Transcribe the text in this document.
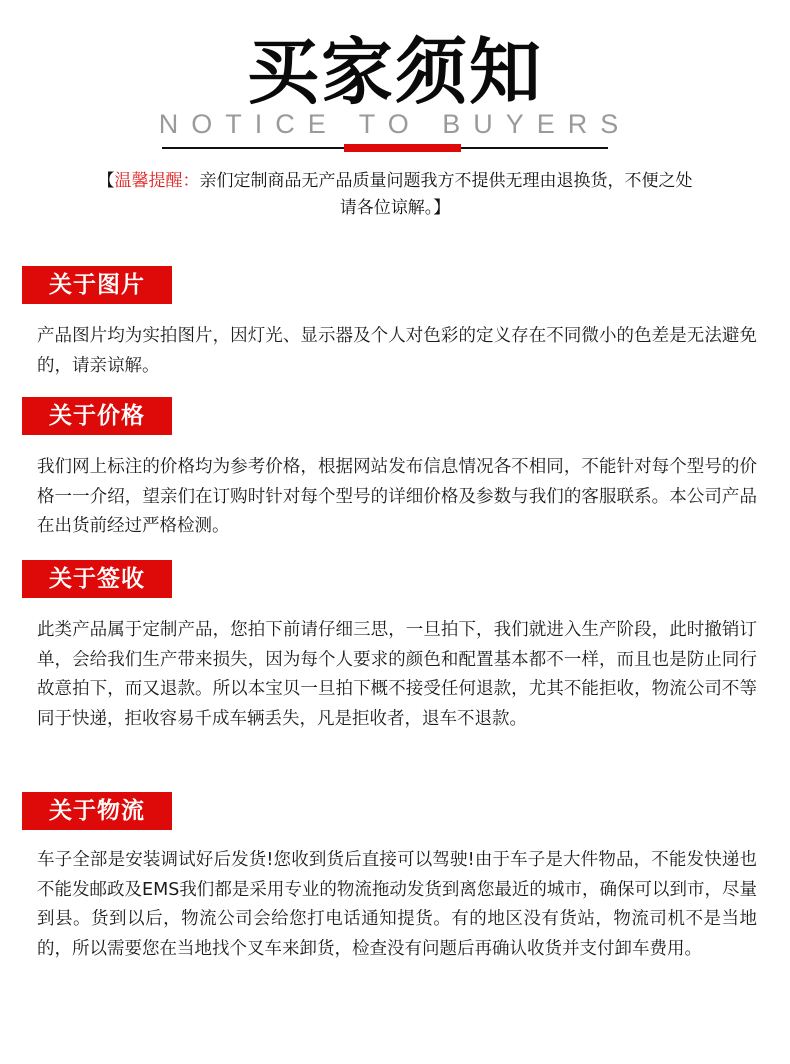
买家须知
NOTICE TO BUYERS
【温馨提醒：亲们定制商品无产品质量问题我方不提供无理由退换货，不便之处请各位谅解。】
关于图片
产品图片均为实拍图片，因灯光、显示器及个人对色彩的定义存在不同微小的色差是无法避免的，请亲谅解。
关于价格
我们网上标注的价格均为参考价格，根据网站发布信息情况各不相同，不能针对每个型号的价格一一介绍，望亲们在订购时针对每个型号的详细价格及参数与我们的客服联系。本公司产品在出货前经过严格检测。
关于签收
此类产品属于定制产品，您拍下前请仔细三思，一旦拍下，我们就进入生产阶段，此时撤销订单，会给我们生产带来损失，因为每个人要求的颜色和配置基本都不一样，而且也是防止同行故意拍下，而又退款。所以本宝贝一旦拍下概不接受任何退款，尤其不能拒收，物流公司不等同于快递，拒收容易千成车辆丢失，凡是拒收者，退车不退款。
关于物流
车子全部是安装调试好后发货!您收到货后直接可以驾驶!由于车子是大件物品，不能发快递也不能发邮政及EMS我们都是采用专业的物流拖动发货到离您最近的城市，确保可以到市，尽量到县。货到以后，物流公司会给您打电话通知提货。有的地区没有货站，物流司机不是当地的，所以需要您在当地找个叉车来卸货，检查没有问题后再确认收货并支付卸车费用。
